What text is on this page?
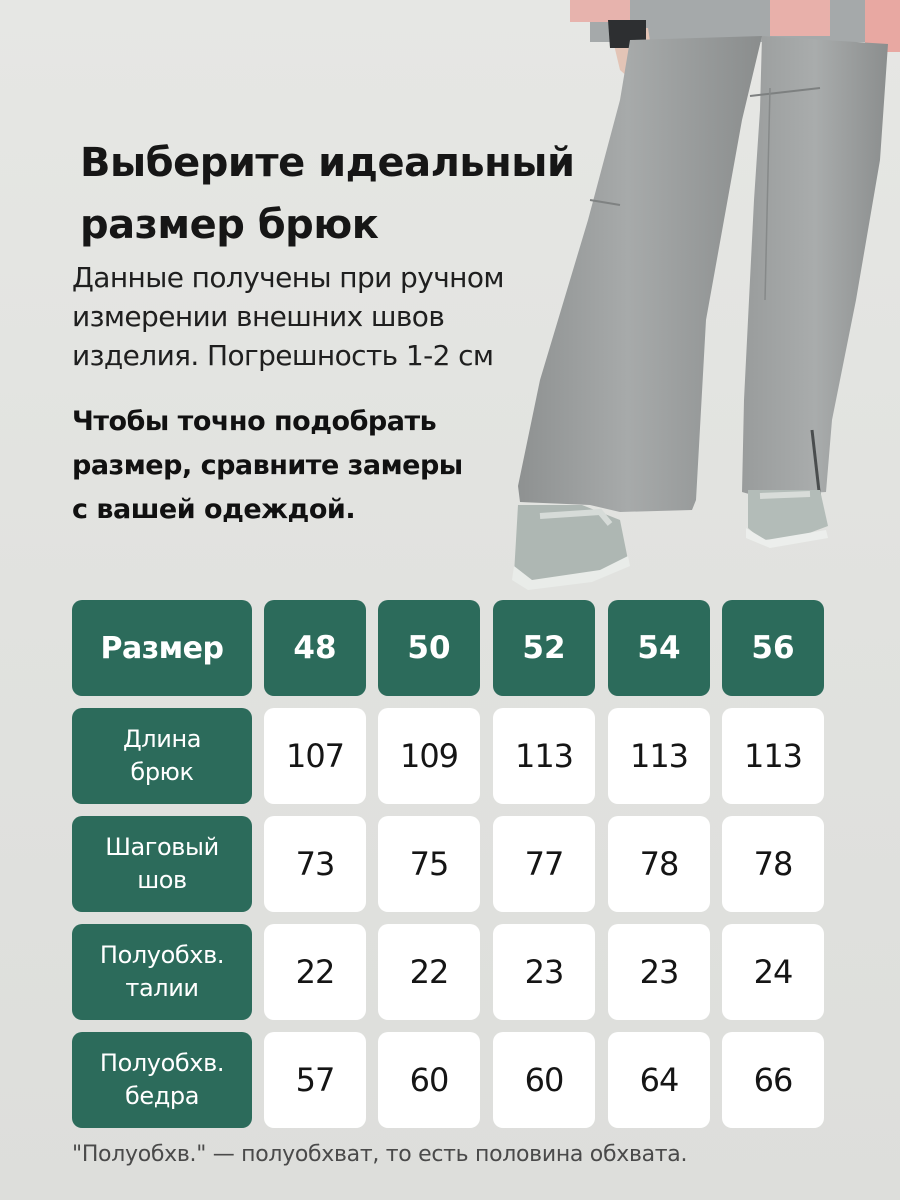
Выберите идеальный
размер брюк
Данные получены при ручном
измерении внешних швов
изделия. Погрешность 1-2 см
Чтобы точно подобрать
размер, сравните замеры
с вашей одеждой.
Размер 48 50 52 54 56
Длина
брюк	107 109 113 113 113
Шаговый
шов	73 75 77 78 78
Полуобхв.
талии	22 22 23 23 24
Полуобхв.
бедра	57 60 60 64 66
"Полуобхв." — полуобхват, то есть половина обхвата.
